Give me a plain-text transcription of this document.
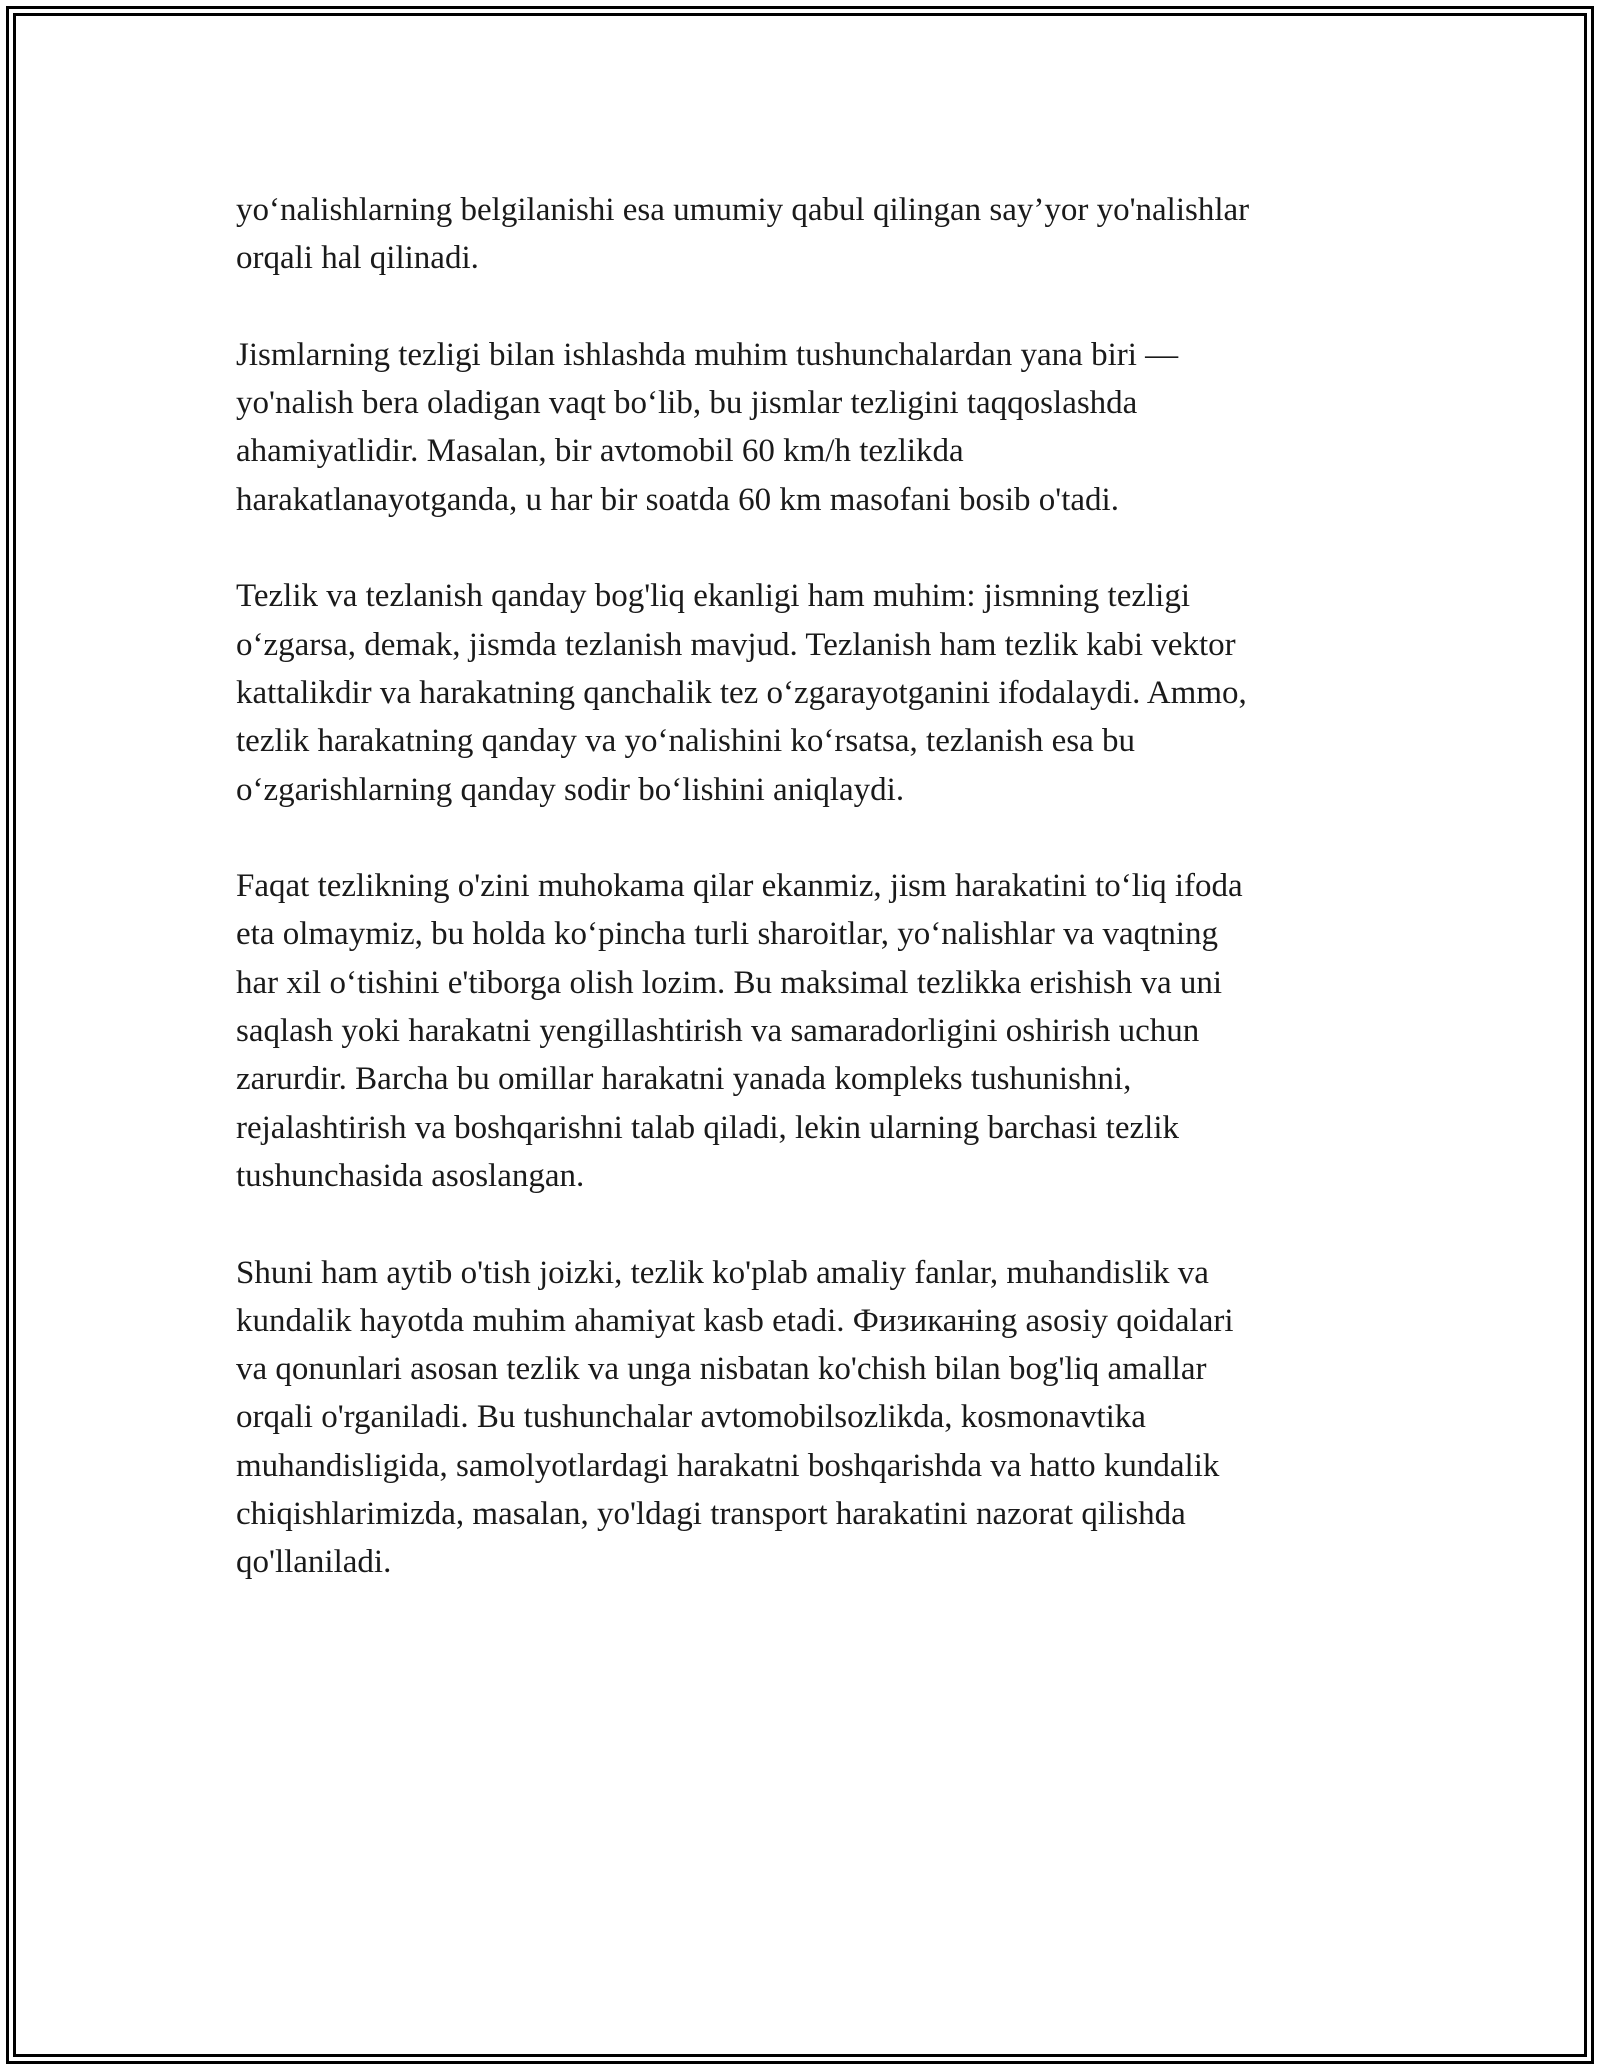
yo‘nalishlarning belgilanishi esa umumiy qabul qilingan say’yor yo'nalishlar
orqali hal qilinadi.

Jismlarning tezligi bilan ishlashda muhim tushunchalardan yana biri —
yo'nalish bera oladigan vaqt bo‘lib, bu jismlar tezligini taqqoslashda
ahamiyatlidir. Masalan, bir avtomobil 60 km/h tezlikda
harakatlanayotganda, u har bir soatda 60 km masofani bosib o'tadi.

Tezlik va tezlanish qanday bog'liq ekanligi ham muhim: jismning tezligi
o‘zgarsa, demak, jismda tezlanish mavjud. Tezlanish ham tezlik kabi vektor
kattalikdir va harakatning qanchalik tez o‘zgarayotganini ifodalaydi. Ammo,
tezlik harakatning qanday va yo‘nalishini ko‘rsatsa, tezlanish esa bu
o‘zgarishlarning qanday sodir bo‘lishini aniqlaydi.

Faqat tezlikning o'zini muhokama qilar ekanmiz, jism harakatini to‘liq ifoda
eta olmaymiz, bu holda ko‘pincha turli sharoitlar, yo‘nalishlar va vaqtning
har xil o‘tishini e'tiborga olish lozim. Bu maksimal tezlikka erishish va uni
saqlash yoki harakatni yengillashtirish va samaradorligini oshirish uchun
zarurdir. Barcha bu omillar harakatni yanada kompleks tushunishni,
rejalashtirish va boshqarishni talab qiladi, lekin ularning barchasi tezlik
tushunchasida asoslangan.

Shuni ham aytib o'tish joizki, tezlik ko'plab amaliy fanlar, muhandislik va
kundalik hayotda muhim ahamiyat kasb etadi. Физиканing asosiy qoidalari
va qonunlari asosan tezlik va unga nisbatan ko'chish bilan bog'liq amallar
orqali o'rganiladi. Bu tushunchalar avtomobilsozlikda, kosmonavtika
muhandisligida, samolyotlardagi harakatni boshqarishda va hatto kundalik
chiqishlarimizda, masalan, yo'ldagi transport harakatini nazorat qilishda
qo'llaniladi.
